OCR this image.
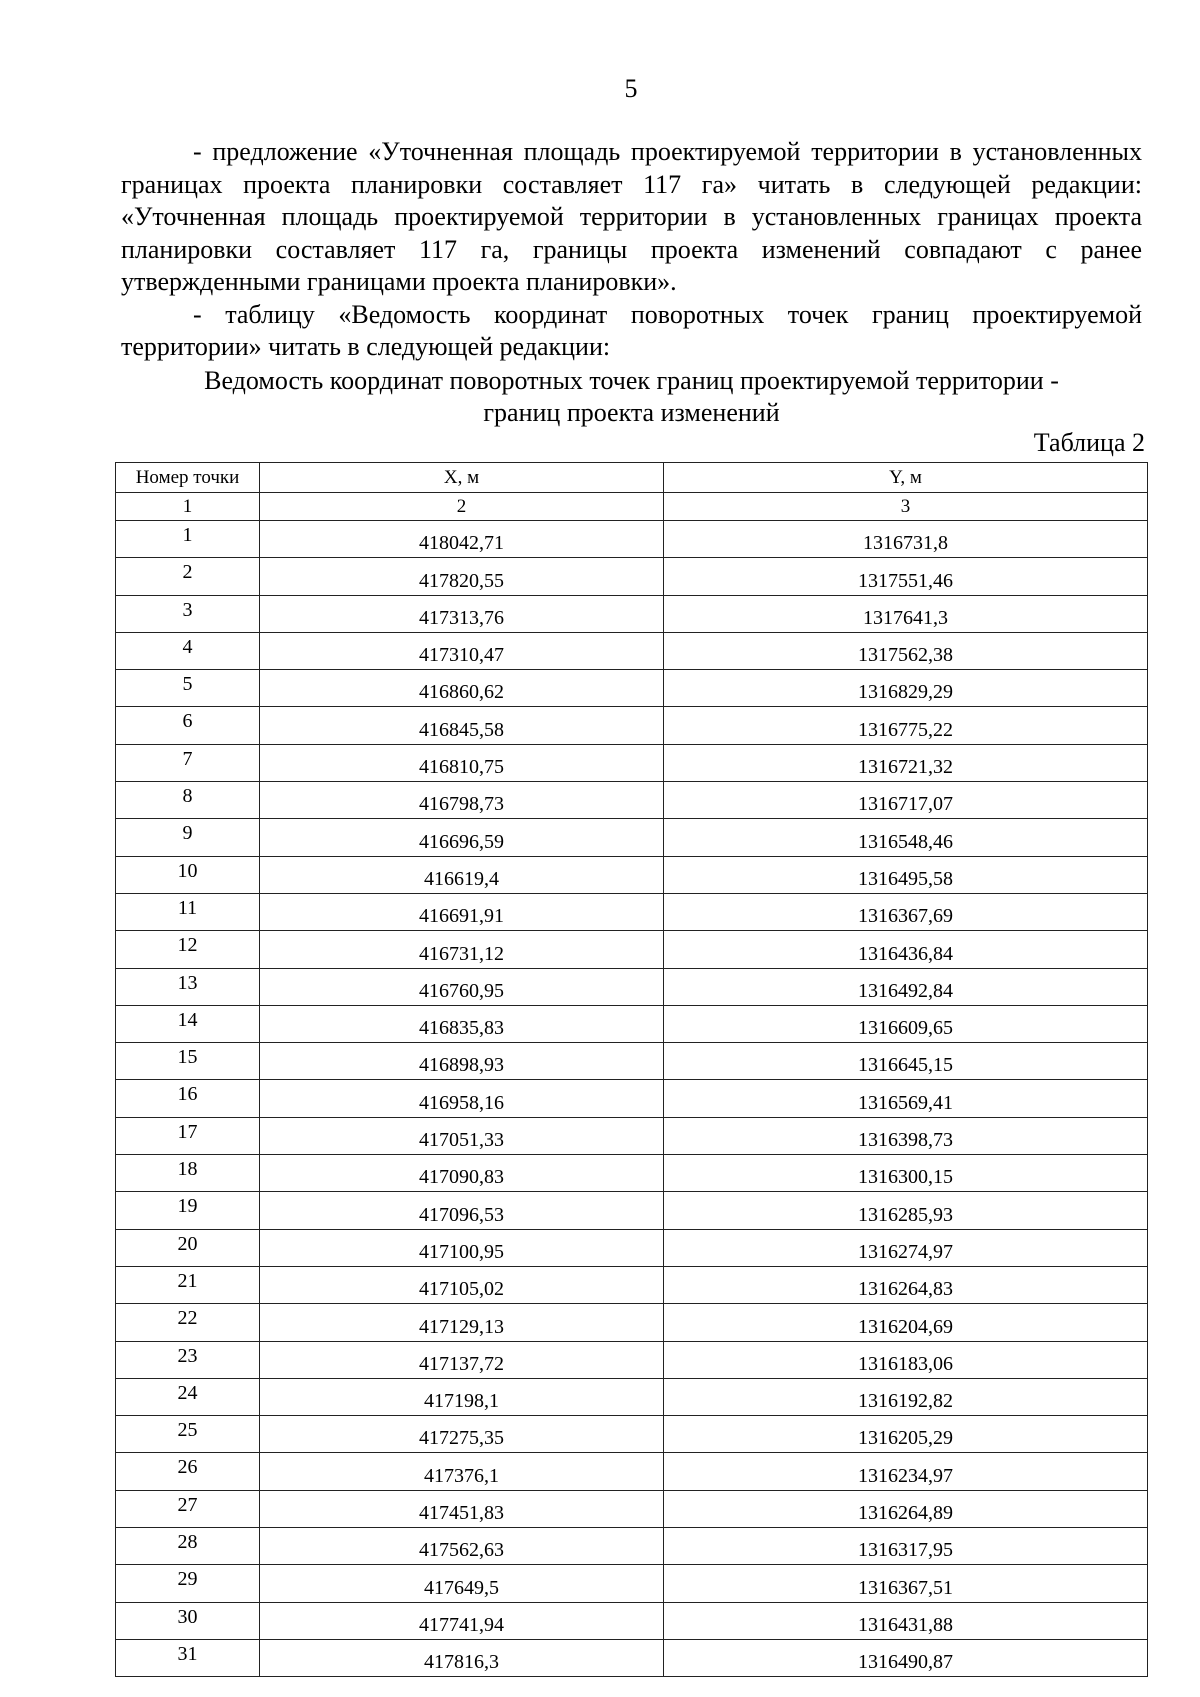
5

- предложение «Уточненная площадь проектируемой территории в установленных границах проекта планировки составляет 117 га» читать в следующей редакции: «Уточненная площадь проектируемой территории в установленных границах проекта планировки составляет 117 га, границы проекта изменений совпадают с ранее утвержденными границами проекта планировки».

- таблицу «Ведомость координат поворотных точек границ проектируемой территории» читать в следующей редакции:

Ведомость координат поворотных точек границ проектируемой территории -

границ проекта изменений

Таблица 2
Номер точки	X, м	Y, м
1	2	3
1	418042,71	1316731,8
2	417820,55	1317551,46
3	417313,76	1317641,3
4	417310,47	1317562,38
5	416860,62	1316829,29
6	416845,58	1316775,22
7	416810,75	1316721,32
8	416798,73	1316717,07
9	416696,59	1316548,46
10	416619,4	1316495,58
11	416691,91	1316367,69
12	416731,12	1316436,84
13	416760,95	1316492,84
14	416835,83	1316609,65
15	416898,93	1316645,15
16	416958,16	1316569,41
17	417051,33	1316398,73
18	417090,83	1316300,15
19	417096,53	1316285,93
20	417100,95	1316274,97
21	417105,02	1316264,83
22	417129,13	1316204,69
23	417137,72	1316183,06
24	417198,1	1316192,82
25	417275,35	1316205,29
26	417376,1	1316234,97
27	417451,83	1316264,89
28	417562,63	1316317,95
29	417649,5	1316367,51
30	417741,94	1316431,88
31	417816,3	1316490,87
